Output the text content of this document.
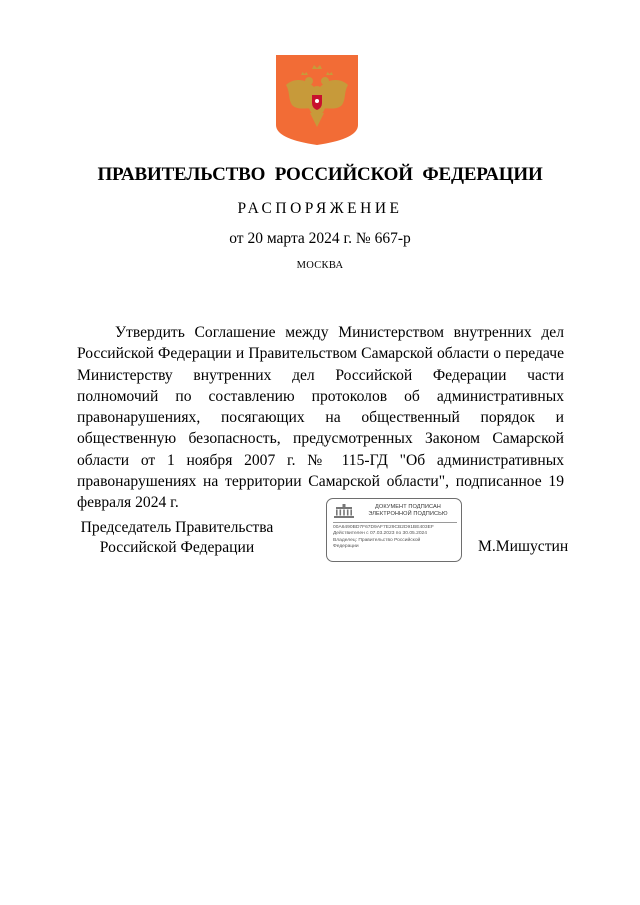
ПРАВИТЕЛЬСТВО РОССИЙСКОЙ ФЕДЕРАЦИИ
РАСПОРЯЖЕНИЕ
от 20 марта 2024 г. № 667-р
МОСКВА

Утвердить Соглашение между Министерством внутренних дел Российской Федерации и Правительством Самарской области о передаче Министерству внутренних дел Российской Федерации части полномочий по составлению протоколов об административных правонарушениях, посягающих на общественный порядок и общественную безопасность, предусмотренных Законом Самарской области от 1 ноября 2007 г. № 115-ГД "Об административных правонарушениях на территории Самарской области", подписанное 19 февраля 2024 г.

Председатель Правительства
Российской Федерации
ДОКУМЕНТ ПОДПИСАН
ЭЛЕКТРОННОЙ ПОДПИСЬЮ
00A6490BD7F67D9AF7E29CB2D91BE403EF
Действителен с 07.03.2023 по 30.05.2024
Владелец: Правительство Российской
Федерации	М.Мишустин
